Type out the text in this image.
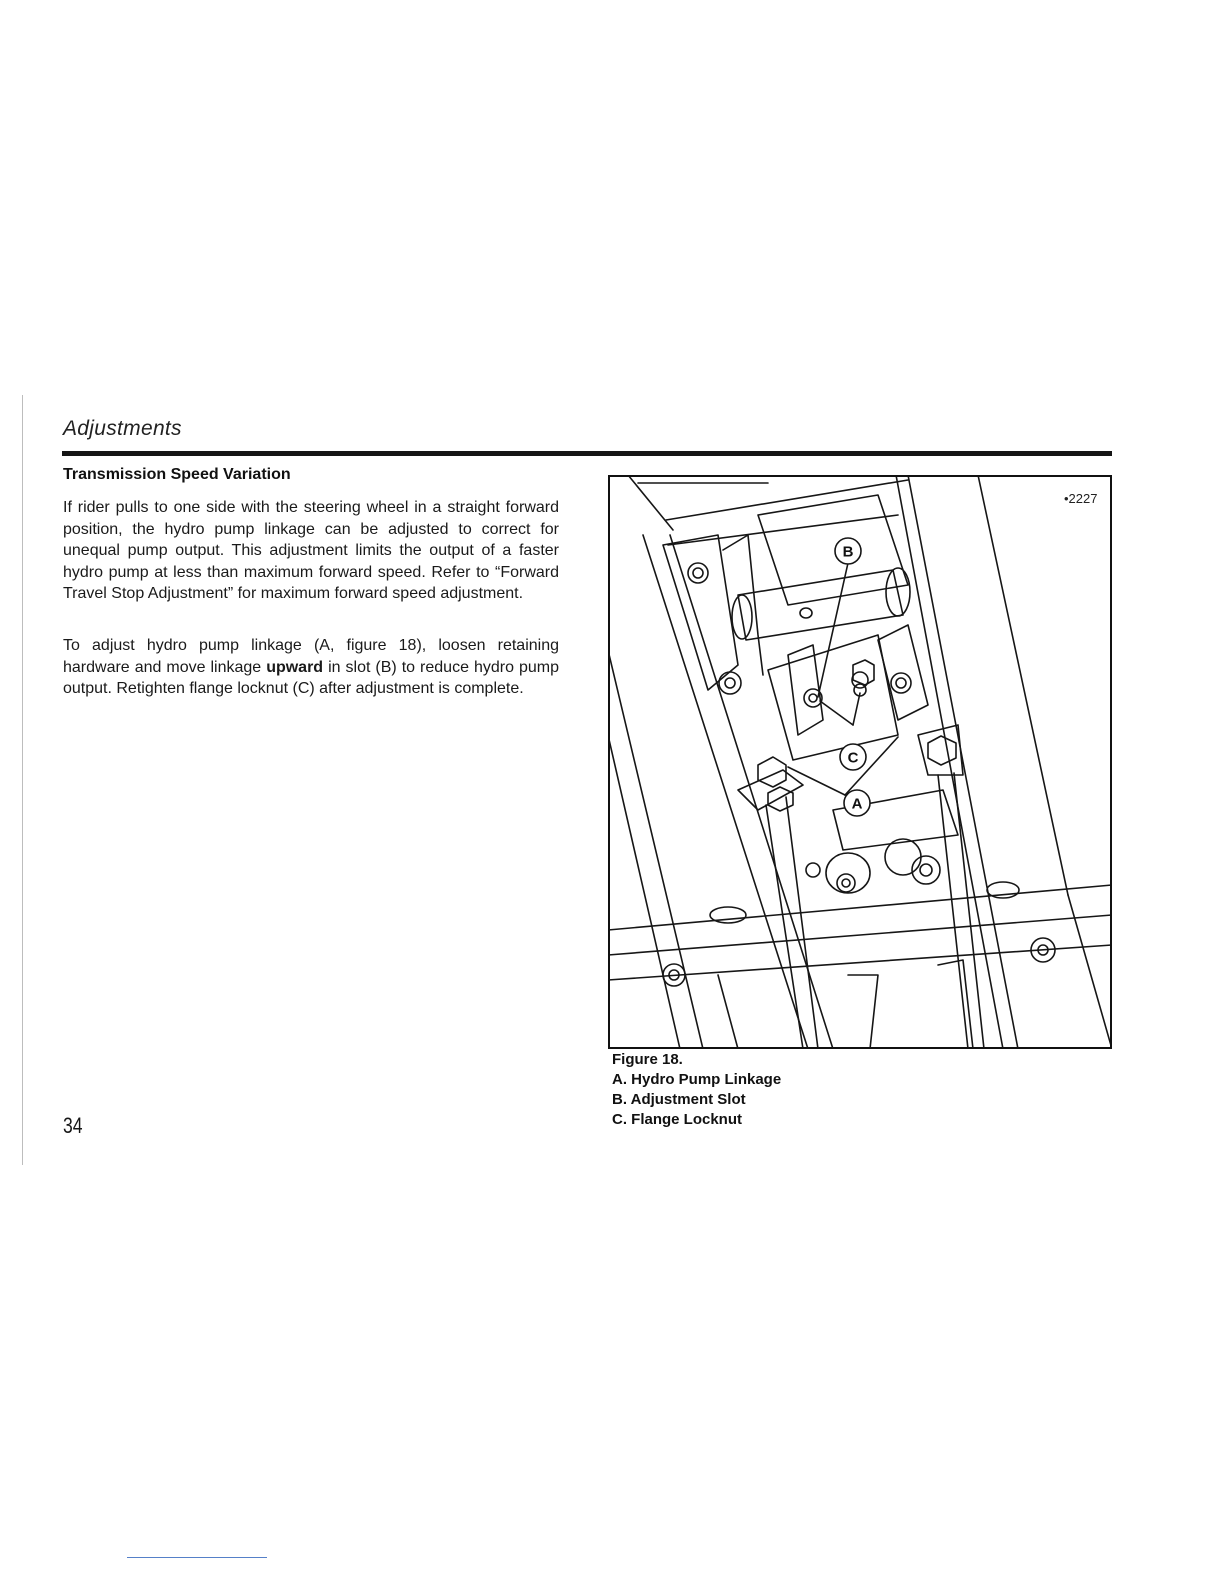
Adjustments
Transmission Speed Variation

If rider pulls to one side with the steering wheel in a straight forward position, the hydro pump linkage can be adjusted to correct for unequal pump output. This adjustment limits the output of a faster hydro pump at less than maximum forward speed. Refer to “Forward Travel Stop Adjustment” for maximum forward speed adjustment.

To adjust hydro pump linkage (A, figure 18), loosen retaining hardware and move linkage upward in slot (B) to reduce hydro pump output. Retighten flange locknut (C) after adjustment is complete.

B
C
A

•2227

Figure 18.
A. Hydro Pump Linkage
B. Adjustment Slot
C. Flange Locknut

34
